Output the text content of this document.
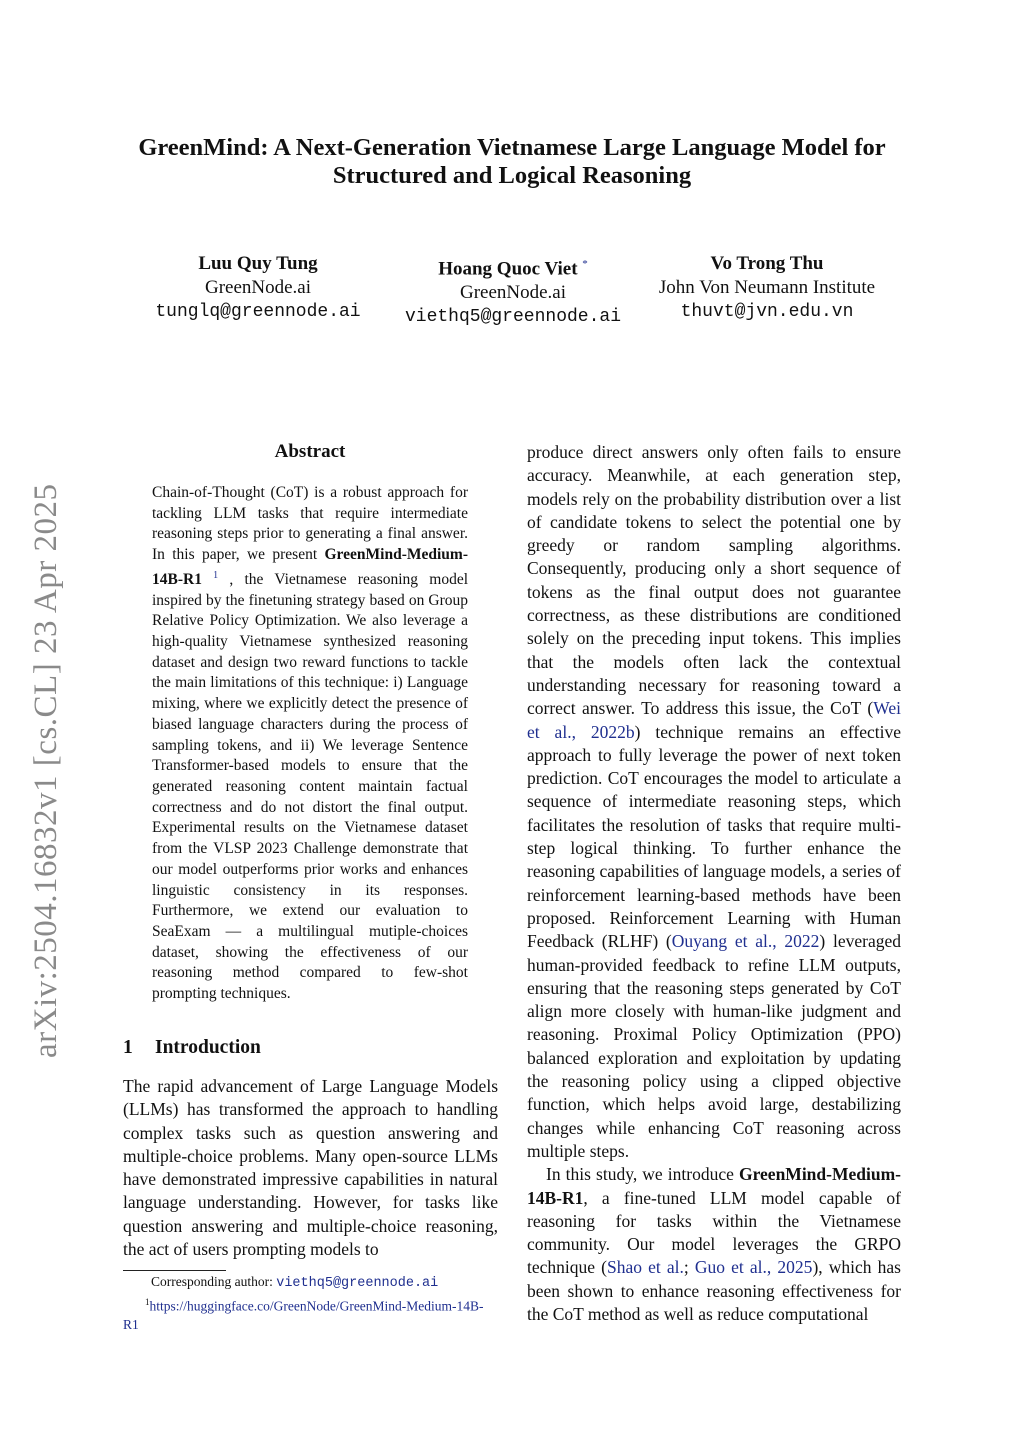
GreenMind: A Next-Generation Vietnamese Large Language Model for
Structured and Logical Reasoning
Luu Quy Tung
GreenNode.ai
tunglq@greennode.ai
Hoang Quoc Viet *
GreenNode.ai
viethq5@greennode.ai
Vo Trong Thu
John Von Neumann Institute
thuvt@jvn.edu.vn
arXiv:2504.16832v1 [cs.CL] 23 Apr 2025
Abstract

Chain-of-Thought (CoT) is a robust approach for tackling LLM tasks that require intermediate reasoning steps prior to generating a final answer. In this paper, we present GreenMind-Medium-14B-R1 $^1$ , the Vietnamese reasoning model inspired by the finetuning strategy based on Group Relative Policy Optimization. We also leverage a high-quality Vietnamese synthesized reasoning dataset and design two reward functions to tackle the main limitations of this technique: i) Language mixing, where we explicitly detect the presence of biased language characters during the process of sampling tokens, and ii) We leverage Sentence Transformer-based models to ensure that the generated reasoning content maintain factual correctness and do not distort the final output. Experimental results on the Vietnamese dataset from the VLSP 2023 Challenge demonstrate that our model outperforms prior works and enhances linguistic consistency in its responses. Furthermore, we extend our evaluation to SeaExam — a multilingual mutiple-choices dataset, showing the effectiveness of our reasoning method compared to few-shot prompting techniques.

1 Introduction

The rapid advancement of Large Language Models (LLMs) has transformed the approach to handling complex tasks such as question answering and multiple-choice problems. Many open-source LLMs have demonstrated impressive capabilities in natural language understanding. However, for tasks like question answering and multiple-choice reasoning, the act of users prompting models to

Corresponding author: viethq5@greennode.ai
$^1$https://huggingface.co/GreenNode/GreenMind-Medium-14B-R1

produce direct answers only often fails to ensure accuracy. Meanwhile, at each generation step, models rely on the probability distribution over a list of candidate tokens to select the potential one by greedy or random sampling algorithms. Consequently, producing only a short sequence of tokens as the final output does not guarantee correctness, as these distributions are conditioned solely on the preceding input tokens. This implies that the models often lack the contextual understanding necessary for reasoning toward a correct answer. To address this issue, the CoT (Wei et al., 2022b) technique remains an effective approach to fully leverage the power of next token prediction. CoT encourages the model to articulate a sequence of intermediate reasoning steps, which facilitates the resolution of tasks that require multi-step logical thinking. To further enhance the reasoning capabilities of language models, a series of reinforcement learning-based methods have been proposed. Reinforcement Learning with Human Feedback (RLHF) (Ouyang et al., 2022) leveraged human-provided feedback to refine LLM outputs, ensuring that the reasoning steps generated by CoT align more closely with human-like judgment and reasoning. Proximal Policy Optimization (PPO) balanced exploration and exploitation by updating the reasoning policy using a clipped objective function, which helps avoid large, destabilizing changes while enhancing CoT reasoning across multiple steps.

In this study, we introduce GreenMind-Medium-14B-R1, a fine-tuned LLM model capable of reasoning for tasks within the Vietnamese community. Our model leverages the GRPO technique (Shao et al.; Guo et al., 2025), which has been shown to enhance reasoning effectiveness for the CoT method as well as reduce computational
